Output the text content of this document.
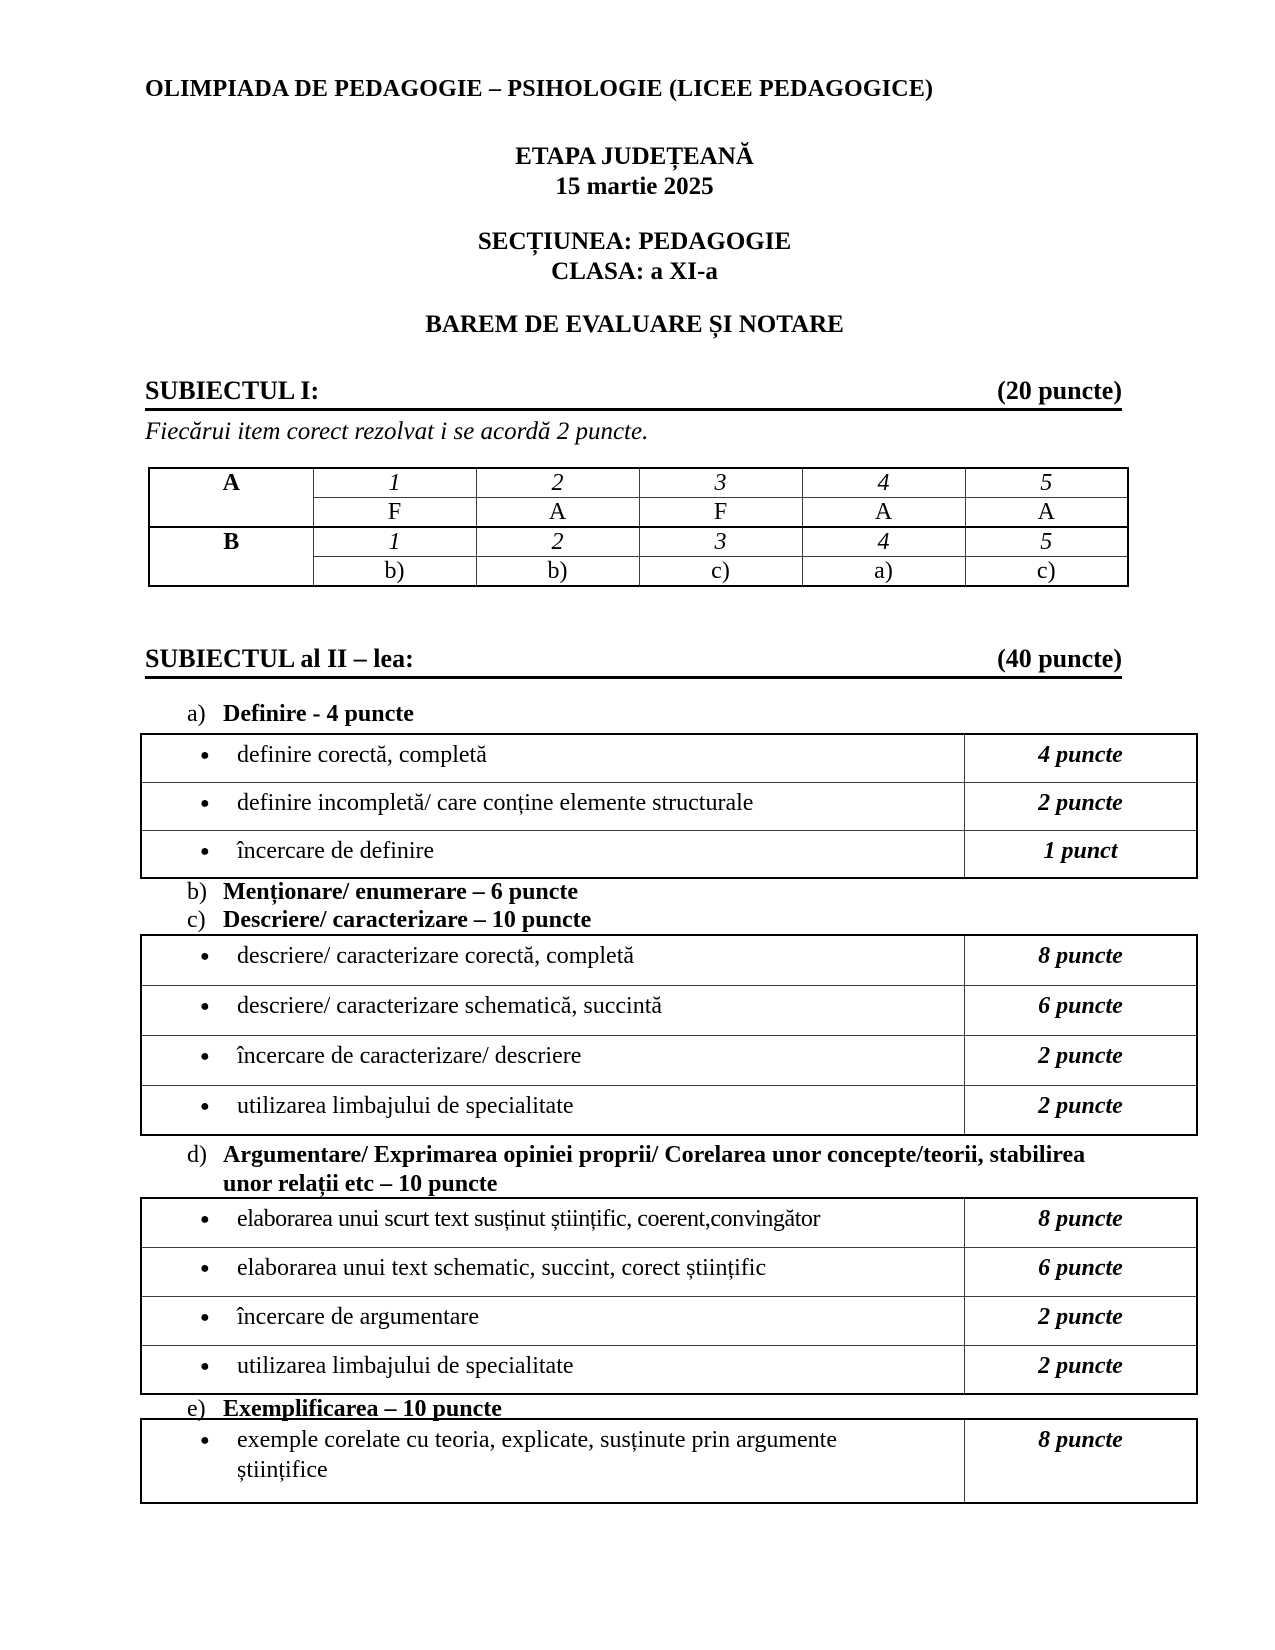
OLIMPIADA DE PEDAGOGIE – PSIHOLOGIE (LICEE PEDAGOGICE)
ETAPA JUDEȚEANĂ
15 martie 2025
SECȚIUNEA: PEDAGOGIE
CLASA: a XI-a
BAREM DE EVALUARE ȘI NOTARE
SUBIECTUL I:	(20 puncte)
Fiecărui item corect rezolvat i se acordă 2 puncte.
A	1	2	3	4	5
	F	A	F	A	A
B	1	2	3	4	5
	b)	b)	c)	a)	c)
SUBIECTUL al II – lea:	(40 puncte)
a) Definire - 4 puncte
● definire corectă, completă	4 puncte

● definire incompletă/ care conține elemente structurale	2 puncte

● încercare de definire	1 punct
b) Menționare/ enumerare – 6 puncte
c) Descriere/ caracterizare – 10 puncte
● descriere/ caracterizare corectă, completă	8 puncte

● descriere/ caracterizare schematică, succintă	6 puncte

● încercare de caracterizare/ descriere	2 puncte

● utilizarea limbajului de specialitate	2 puncte
d) Argumentare/ Exprimarea opiniei proprii/ Corelarea unor concepte/teorii, stabilirea
unor relații etc – 10 puncte
● elaborarea unui scurt text susținut științific, coerent,convingător	8 puncte

● elaborarea unui text schematic, succint, corect științific	6 puncte

● încercare de argumentare	2 puncte

● utilizarea limbajului de specialitate	2 puncte
e) Exemplificarea – 10 puncte
● exemple corelate cu teoria, explicate, susținute prin argumente
științifice
	8 puncte
